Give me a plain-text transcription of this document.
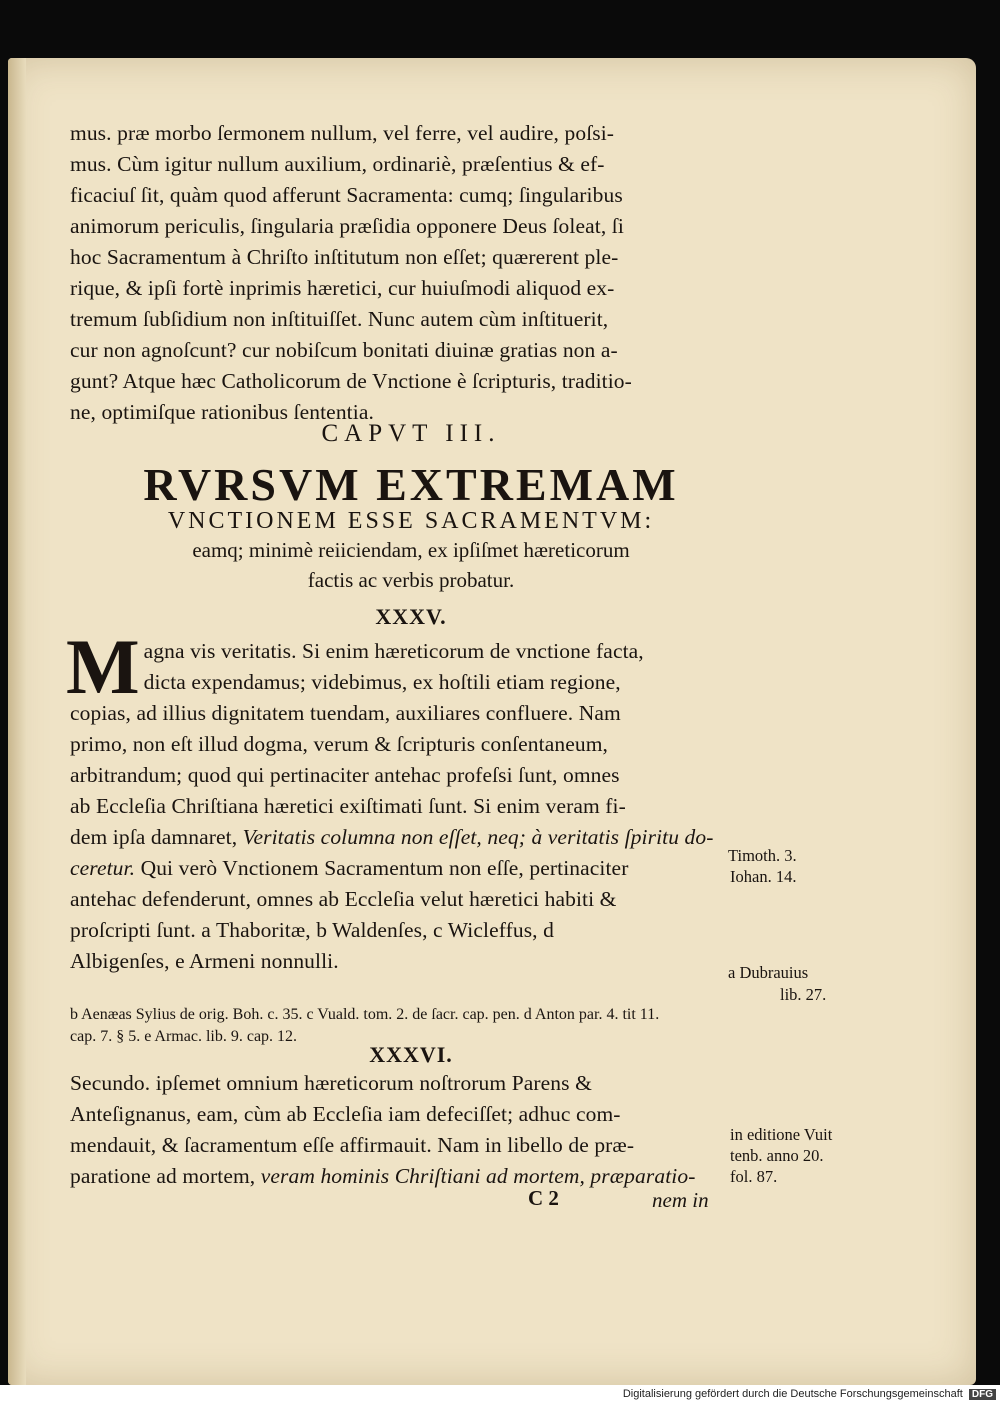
mus. præ morbo ſermonem nullum, vel ferre, vel audire, poſsi-
mus. Cùm igitur nullum auxilium, ordinariè, præſentius & ef-
ficaciuſ ſit, quàm quod afferunt Sacramenta: cumq; ſingularibus
animorum periculis, ſingularia præſidia opponere Deus ſoleat, ſi
hoc Sacramentum à Chriſto inſtitutum non eſſet; quærerent ple-
rique, & ipſi fortè inprimis hæretici, cur huiuſmodi aliquod ex-
tremum ſubſidium non inſtituiſſet. Nunc autem cùm inſtituerit,
cur non agnoſcunt? cur nobiſcum bonitati diuinæ gratias non a-
gunt? Atque hæc Catholicorum de Vnctione è ſcripturis, traditio-
ne, optimiſque rationibus ſententia.
CAPVT III.
RVRSVM EXTREMAM
VNCTIONEM ESSE SACRAMENTVM:
eamq; minimè reiiciendam, ex ipſiſmet hæreticorum
factis ac verbis probatur.
XXXV.
M agna vis veritatis. Si enim hæreticorum de vnctione facta,
dicta expendamus; videbimus, ex hoſtili etiam regione,
copias, ad illius dignitatem tuendam, auxiliares confluere. Nam
primo, non eſt illud dogma, verum & ſcripturis conſentaneum,
arbitrandum; quod qui pertinaciter antehac profeſsi ſunt, omnes
ab Eccleſia Chriſtiana hæretici exiſtimati ſunt. Si enim veram fi-
dem ipſa damnaret, Veritatis columna non eſſet, neq; à veritatis ſpiritu do-
ceretur. Qui verò Vnctionem Sacramentum non eſſe, pertinaciter
antehac defenderunt, omnes ab Eccleſia velut hæretici habiti &
proſcripti ſunt. a Thaboritæ, b Waldenſes, c Wicleffus, d
Albigenſes, e Armeni nonnulli.
b Aenæas Sylius de orig. Boh. c. 35. c Vuald. tom. 2. de ſacr. cap. pen. d Anton par. 4. tit 11.
cap. 7. § 5. e Armac. lib. 9. cap. 12.
XXXVI.
Secundo. ipſemet omnium hæreticorum noſtrorum Parens &
Anteſignanus, eam, cùm ab Eccleſia iam defeciſſet; adhuc com-
mendauit, & ſacramentum eſſe affirmauit. Nam in libello de præ-
paratione ad mortem, veram hominis Chriſtiani ad mortem, præparatio-
Timoth. 3.
Iohan. 14.
a Dubrauius
lib. 27.
in editione Vuit
tenb. anno 20.
fol. 87.
C 2	nem in
Digitalisierung gefördert durch die Deutsche Forschungsgemeinschaft DFG
